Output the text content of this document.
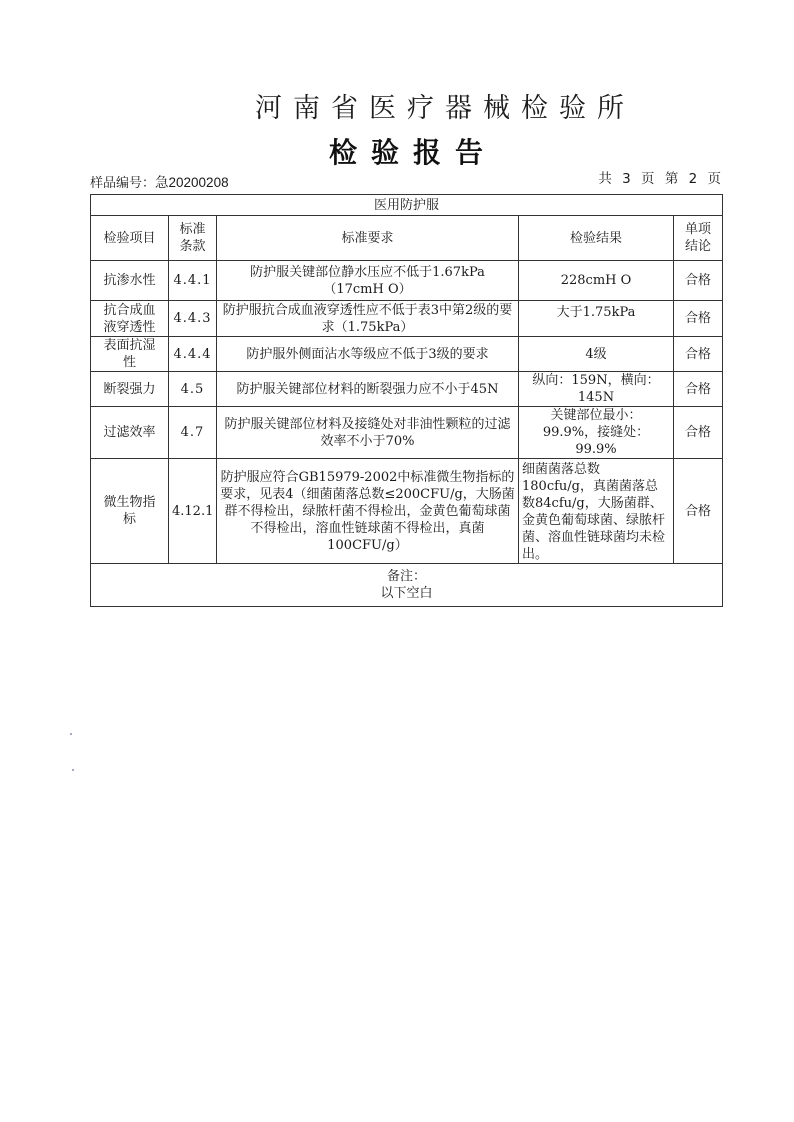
河南省医疗器械检验所
检验报告
样品编号：急20200208	共 3 页 第 2 页
医用防护服				
检验项目	标准条款	标准要求	检验结果	单项结论
抗渗水性	4.4.1	防护服关键部位静水压应不低于1.67kPa（17cmH O）	228cmH O	合格
抗合成血液穿透性	4.4.3	防护服抗合成血液穿透性应不低于表3中第2级的要求（1.75kPa）	大于1.75kPa	合格
表面抗湿性	4.4.4	防护服外侧面沾水等级应不低于3级的要求	4级	合格
断裂强力	4.5	防护服关键部位材料的断裂强力应不小于45N	纵向：159N，横向：145N	合格
过滤效率	4.7	防护服关键部位材料及接缝处对非油性颗粒的过滤效率不小于70%	关键部位最小：99.9%，接缝处：99.9%	合格
微生物指标	4.12.1	防护服应符合GB15979-2002中标准微生物指标的要求，见表4（细菌菌落总数≤200CFU/g，大肠菌群不得检出，绿脓杆菌不得检出，金黄色葡萄球菌不得检出，溶血性链球菌不得检出，真菌100CFU/g）	细菌菌落总数180cfu/g，真菌菌落总数84cfu/g，大肠菌群、金黄色葡萄球菌、绿脓杆菌、溶血性链球菌均未检出。	合格

备注：
以下空白				
